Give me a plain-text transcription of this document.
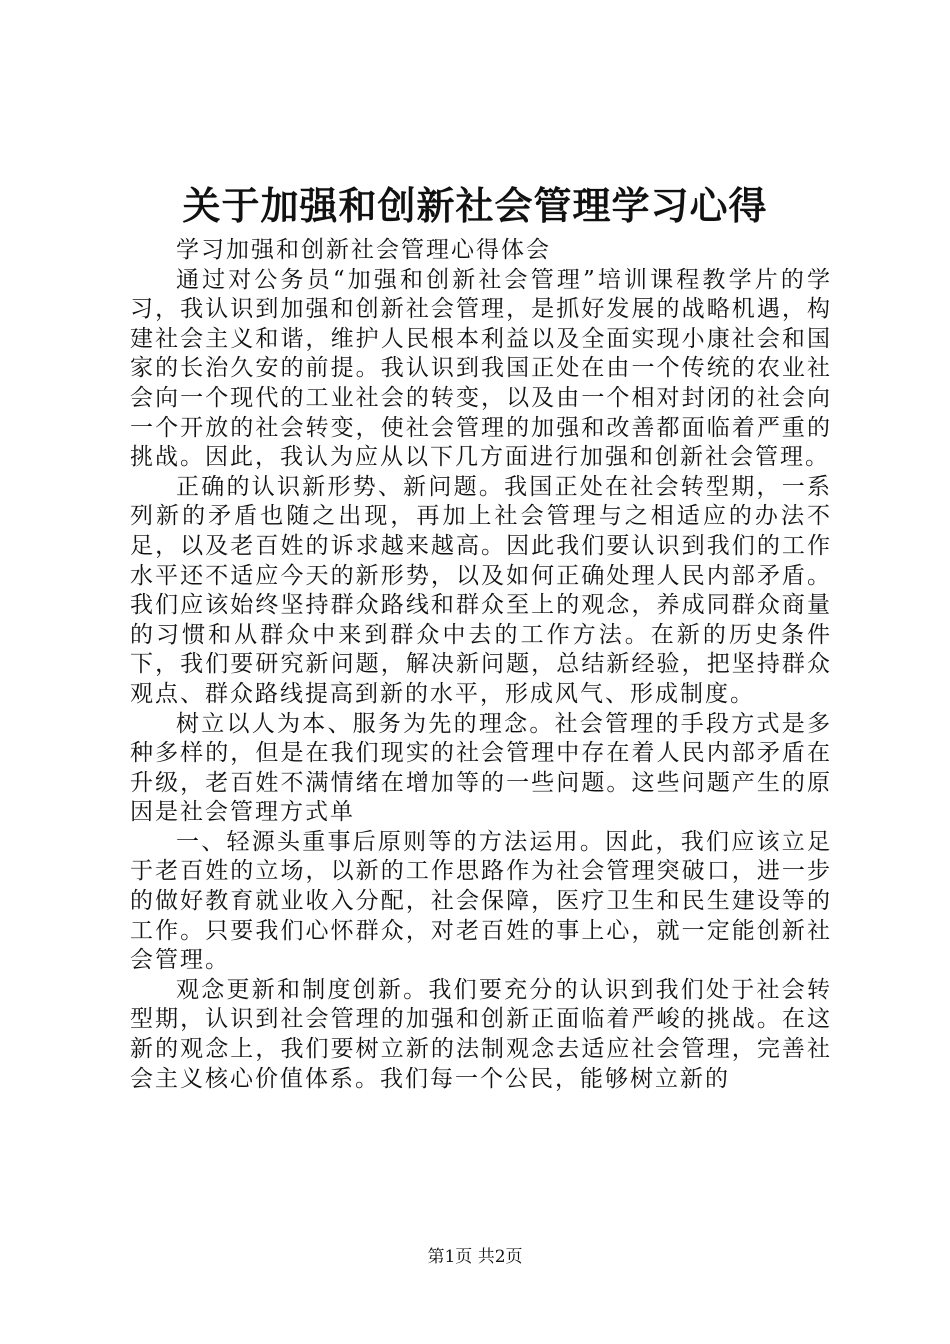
关于加强和创新社会管理学习心得

学习加强和创新社会管理心得体会

通过对公务员“加强和创新社会管理”培训课程教学片的学习，我认识到加强和创新社会管理，是抓好发展的战略机遇，构建社会主义和谐，维护人民根本利益以及全面实现小康社会和国家的长治久安的前提。我认识到我国正处在由一个传统的农业社会向一个现代的工业社会的转变，以及由一个相对封闭的社会向一个开放的社会转变，使社会管理的加强和改善都面临着严重的挑战。因此，我认为应从以下几方面进行加强和创新社会管理。

正确的认识新形势、新问题。我国正处在社会转型期，一系列新的矛盾也随之出现，再加上社会管理与之相适应的办法不足，以及老百姓的诉求越来越高。因此我们要认识到我们的工作水平还不适应今天的新形势，以及如何正确处理人民内部矛盾。我们应该始终坚持群众路线和群众至上的观念，养成同群众商量的习惯和从群众中来到群众中去的工作方法。在新的历史条件下，我们要研究新问题，解决新问题，总结新经验，把坚持群众观点、群众路线提高到新的水平，形成风气、形成制度。

树立以人为本、服务为先的理念。社会管理的手段方式是多种多样的，但是在我们现实的社会管理中存在着人民内部矛盾在升级，老百姓不满情绪在增加等的一些问题。这些问题产生的原因是社会管理方式单

一、轻源头重事后原则等的方法运用。因此，我们应该立足于老百姓的立场，以新的工作思路作为社会管理突破口，进一步的做好教育就业收入分配，社会保障，医疗卫生和民生建设等的工作。只要我们心怀群众，对老百姓的事上心，就一定能创新社会管理。

观念更新和制度创新。我们要充分的认识到我们处于社会转型期，认识到社会管理的加强和创新正面临着严峻的挑战。在这新的观念上，我们要树立新的法制观念去适应社会管理，完善社会主义核心价值体系。我们每一个公民，能够树立新的

第1页 共2页
